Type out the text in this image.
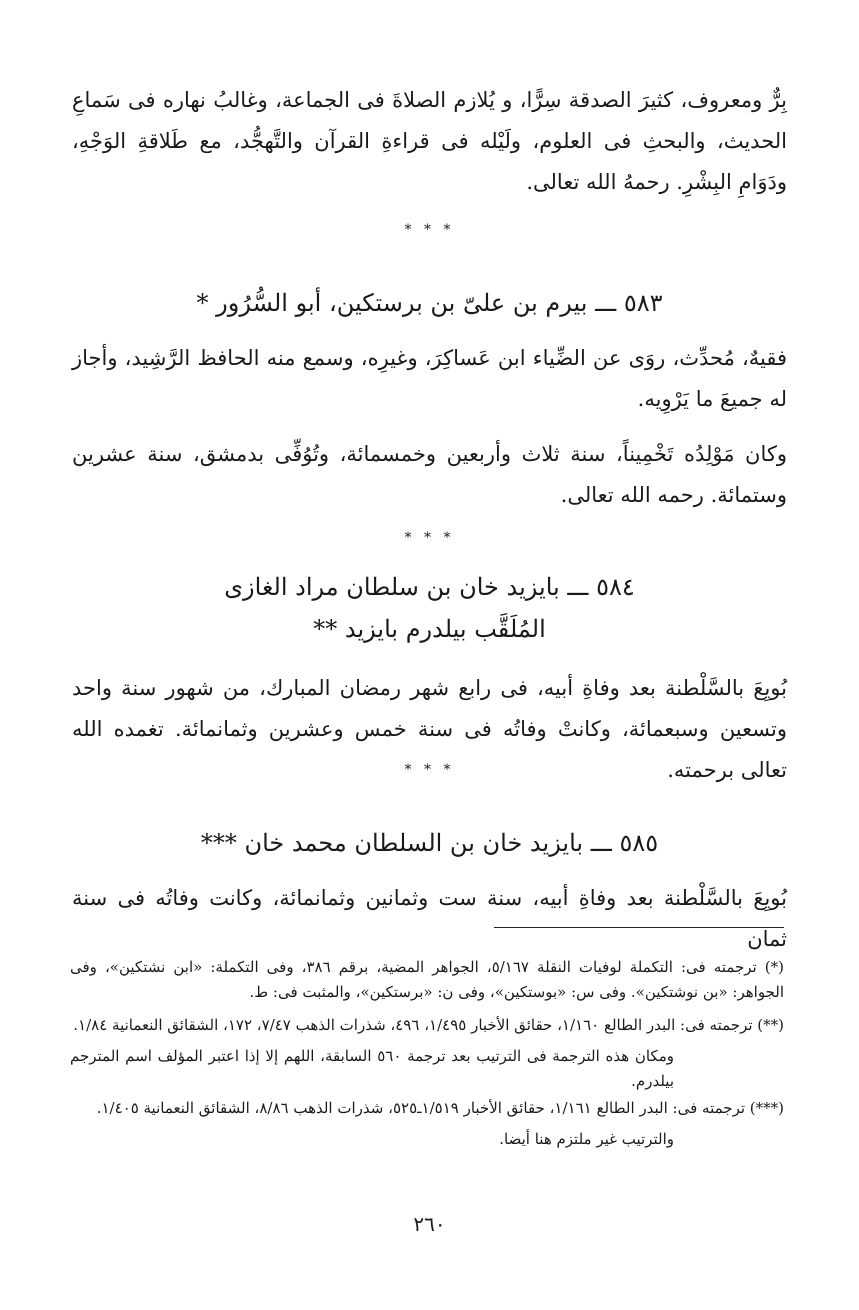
بِرٌّ ومعروف، كثيرَ الصدقة سِرًّا، و يُلازم الصلاةَ فى الجماعة، وغالبُ نهاره فى سَماعِ الحديث، والبحثِ فى العلوم، ولَيْله فى قراءةِ القرآن والتَّهجُّد، مع طَلاقةِ الوَجْهِ، ودَوَامِ البِشْرِ. رحمهُ الله تعالى.

* * *
٥٨٣ ـــ بيرم بن علىّ بن برستكين، أبو السُّرُور *

فقيهٌ، مُحدِّث، روَى عن الضِّياء ابن عَساكِرَ، وغيرِه، وسمع منه الحافظ الرَّشِيد، وأجاز له جميعَ ما يَرْوِيه.

وكان مَوْلِدُه تَخْمِيناً، سنة ثلاث وأربعين وخمسمائة، وتُوُفِّى بدمشق، سنة عشرين وستمائة. رحمه الله تعالى.

* * *
٥٨٤ ـــ بايزيد خان بن سلطان مراد الغازى
المُلَقَّب بيلدرم بايزيد **

بُويِعَ بالسَّلْطنة بعد وفاةِ أبيه، فى رابع شهر رمضان المبارك، من شهور سنة واحد وتسعين وسبعمائة، وكانتْ وفاتُه فى سنة خمس وعشرين وثمانمائة. تغمده الله تعالى برحمته.

* * *
٥٨٥ ـــ بايزيد خان بن السلطان محمد خان ***

بُويِعَ بالسَّلْطنة بعد وفاةِ أبيه، سنة ست وثمانين وثمانمائة، وكانت وفاتُه فى سنة ثمان

(*) ترجمته فى: التكملة لوفيات النقلة ٥/١٦٧، الجواهر المضية، برقم ٣٨٦، وفى التكملة: «ابن نشتكين»، وفى الجواهر: «بن نوشتكين». وفى س: «بوستكين»، وفى ن: «برستكين»، والمثبت فى: ط.

(**) ترجمته فى: البدر الطالع ١/١٦٠، حقائق الأخبار ١/٤٩٥، ٤٩٦، شذرات الذهب ٧/٤٧، ١٧٢، الشقائق النعمانية ١/٨٤.

ومكان هذه الترجمة فى الترتيب بعد ترجمة ٥٦٠ السابقة، اللهم إلا إذا اعتبر المؤلف اسم المترجم بيلدرم.

(***) ترجمته فى: البدر الطالع ١/١٦١، حقائق الأخبار ١/٥١٩ـ٥٢٥، شذرات الذهب ٨/٨٦، الشقائق النعمانية ١/٤٠٥.

والترتيب غير ملتزم هنا أيضا.

٢٦٠
